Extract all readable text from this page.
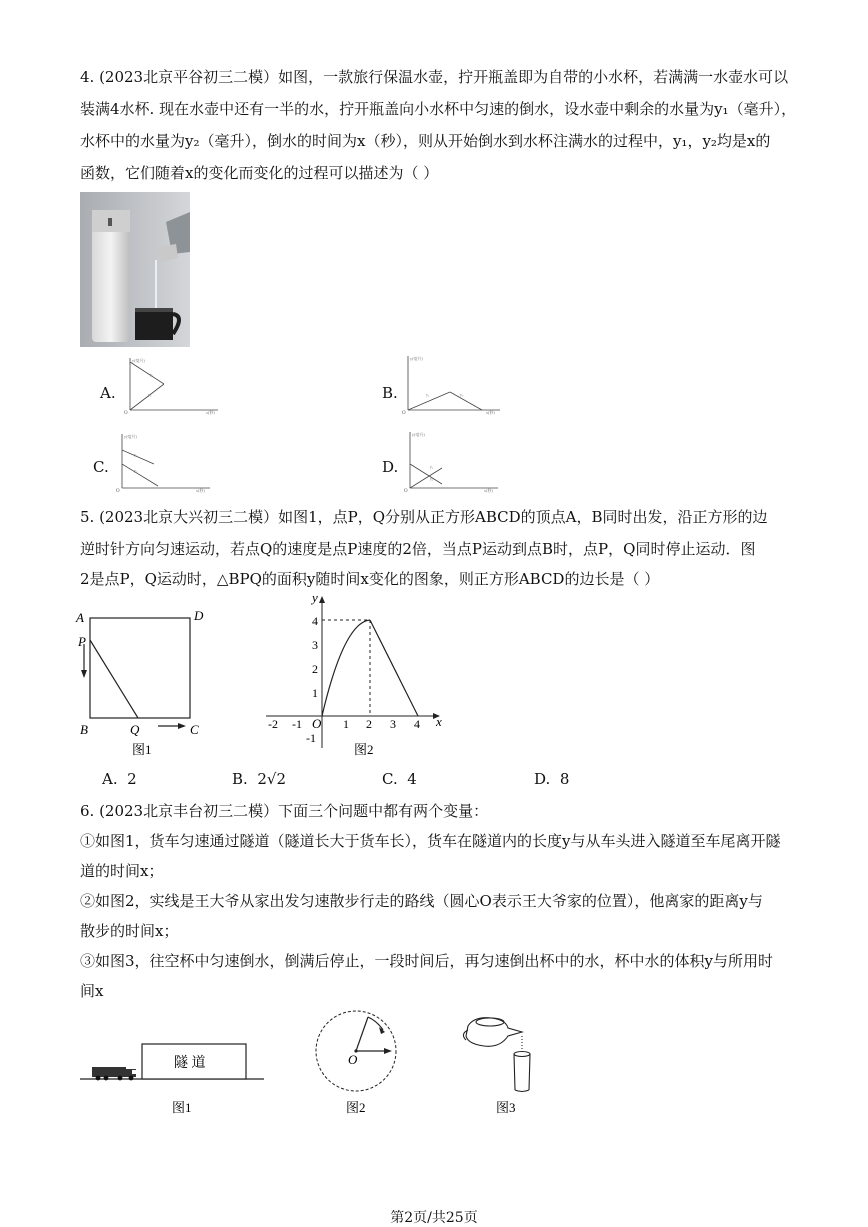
4. (2023北京平谷初三二模）如图，一款旅行保温水壶，拧开瓶盖即为自带的小水杯，若满满一水壶水可以
装满4水杯. 现在水壶中还有一半的水，拧开瓶盖向小水杯中匀速的倒水，设水壶中剩余的水量为y₁（毫升），
水杯中的水量为y₂（毫升），倒水的时间为x（秒），则从开始倒水到水杯注满水的过程中，y₁，y₂均是x的
函数，它们随着x的变化而变化的过程可以描述为（ ）
A.
O
y₁
y₂
x(秒)
y(毫升)
B.
O
y₁	y₂
x(秒)
y(毫升)
C.
O
y₁
y₂
x(秒)
y(毫升)
D.
O
y₁
y₂
x(秒)
y(毫升)
5. (2023北京大兴初三二模）如图1，点P，Q分别从正方形ABCD的顶点A，B同时出发，沿正方形的边
逆时针方向匀速运动，若点Q的速度是点P速度的2倍，当点P运动到点B时，点P，Q同时停止运动．图
2是点P，Q运动时，△BPQ的面积y随时间x变化的图象，则正方形ABCD的边长是（ ）
A	D
P
B	Q	C
图1
y
x
O
-2 -1	1 2 3 4
4
3
2
1
-1
图2
A. 2	B. 2√2	C. 4	D. 8
6. (2023北京丰台初三二模）下面三个问题中都有两个变量：
①如图1，货车匀速通过隧道（隧道长大于货车长），货车在隧道内的长度y与从车头进入隧道至车尾离开隧
道的时间x；
②如图2，实线是王大爷从家出发匀速散步行走的路线（圆心O表示王大爷家的位置），他离家的距离y与
散步的时间x；
③如图3，往空杯中匀速倒水，倒满后停止，一段时间后，再匀速倒出杯中的水，杯中水的体积y与所用时
间x
隧 道
图1
O
图2	图3
第2页/共25页
